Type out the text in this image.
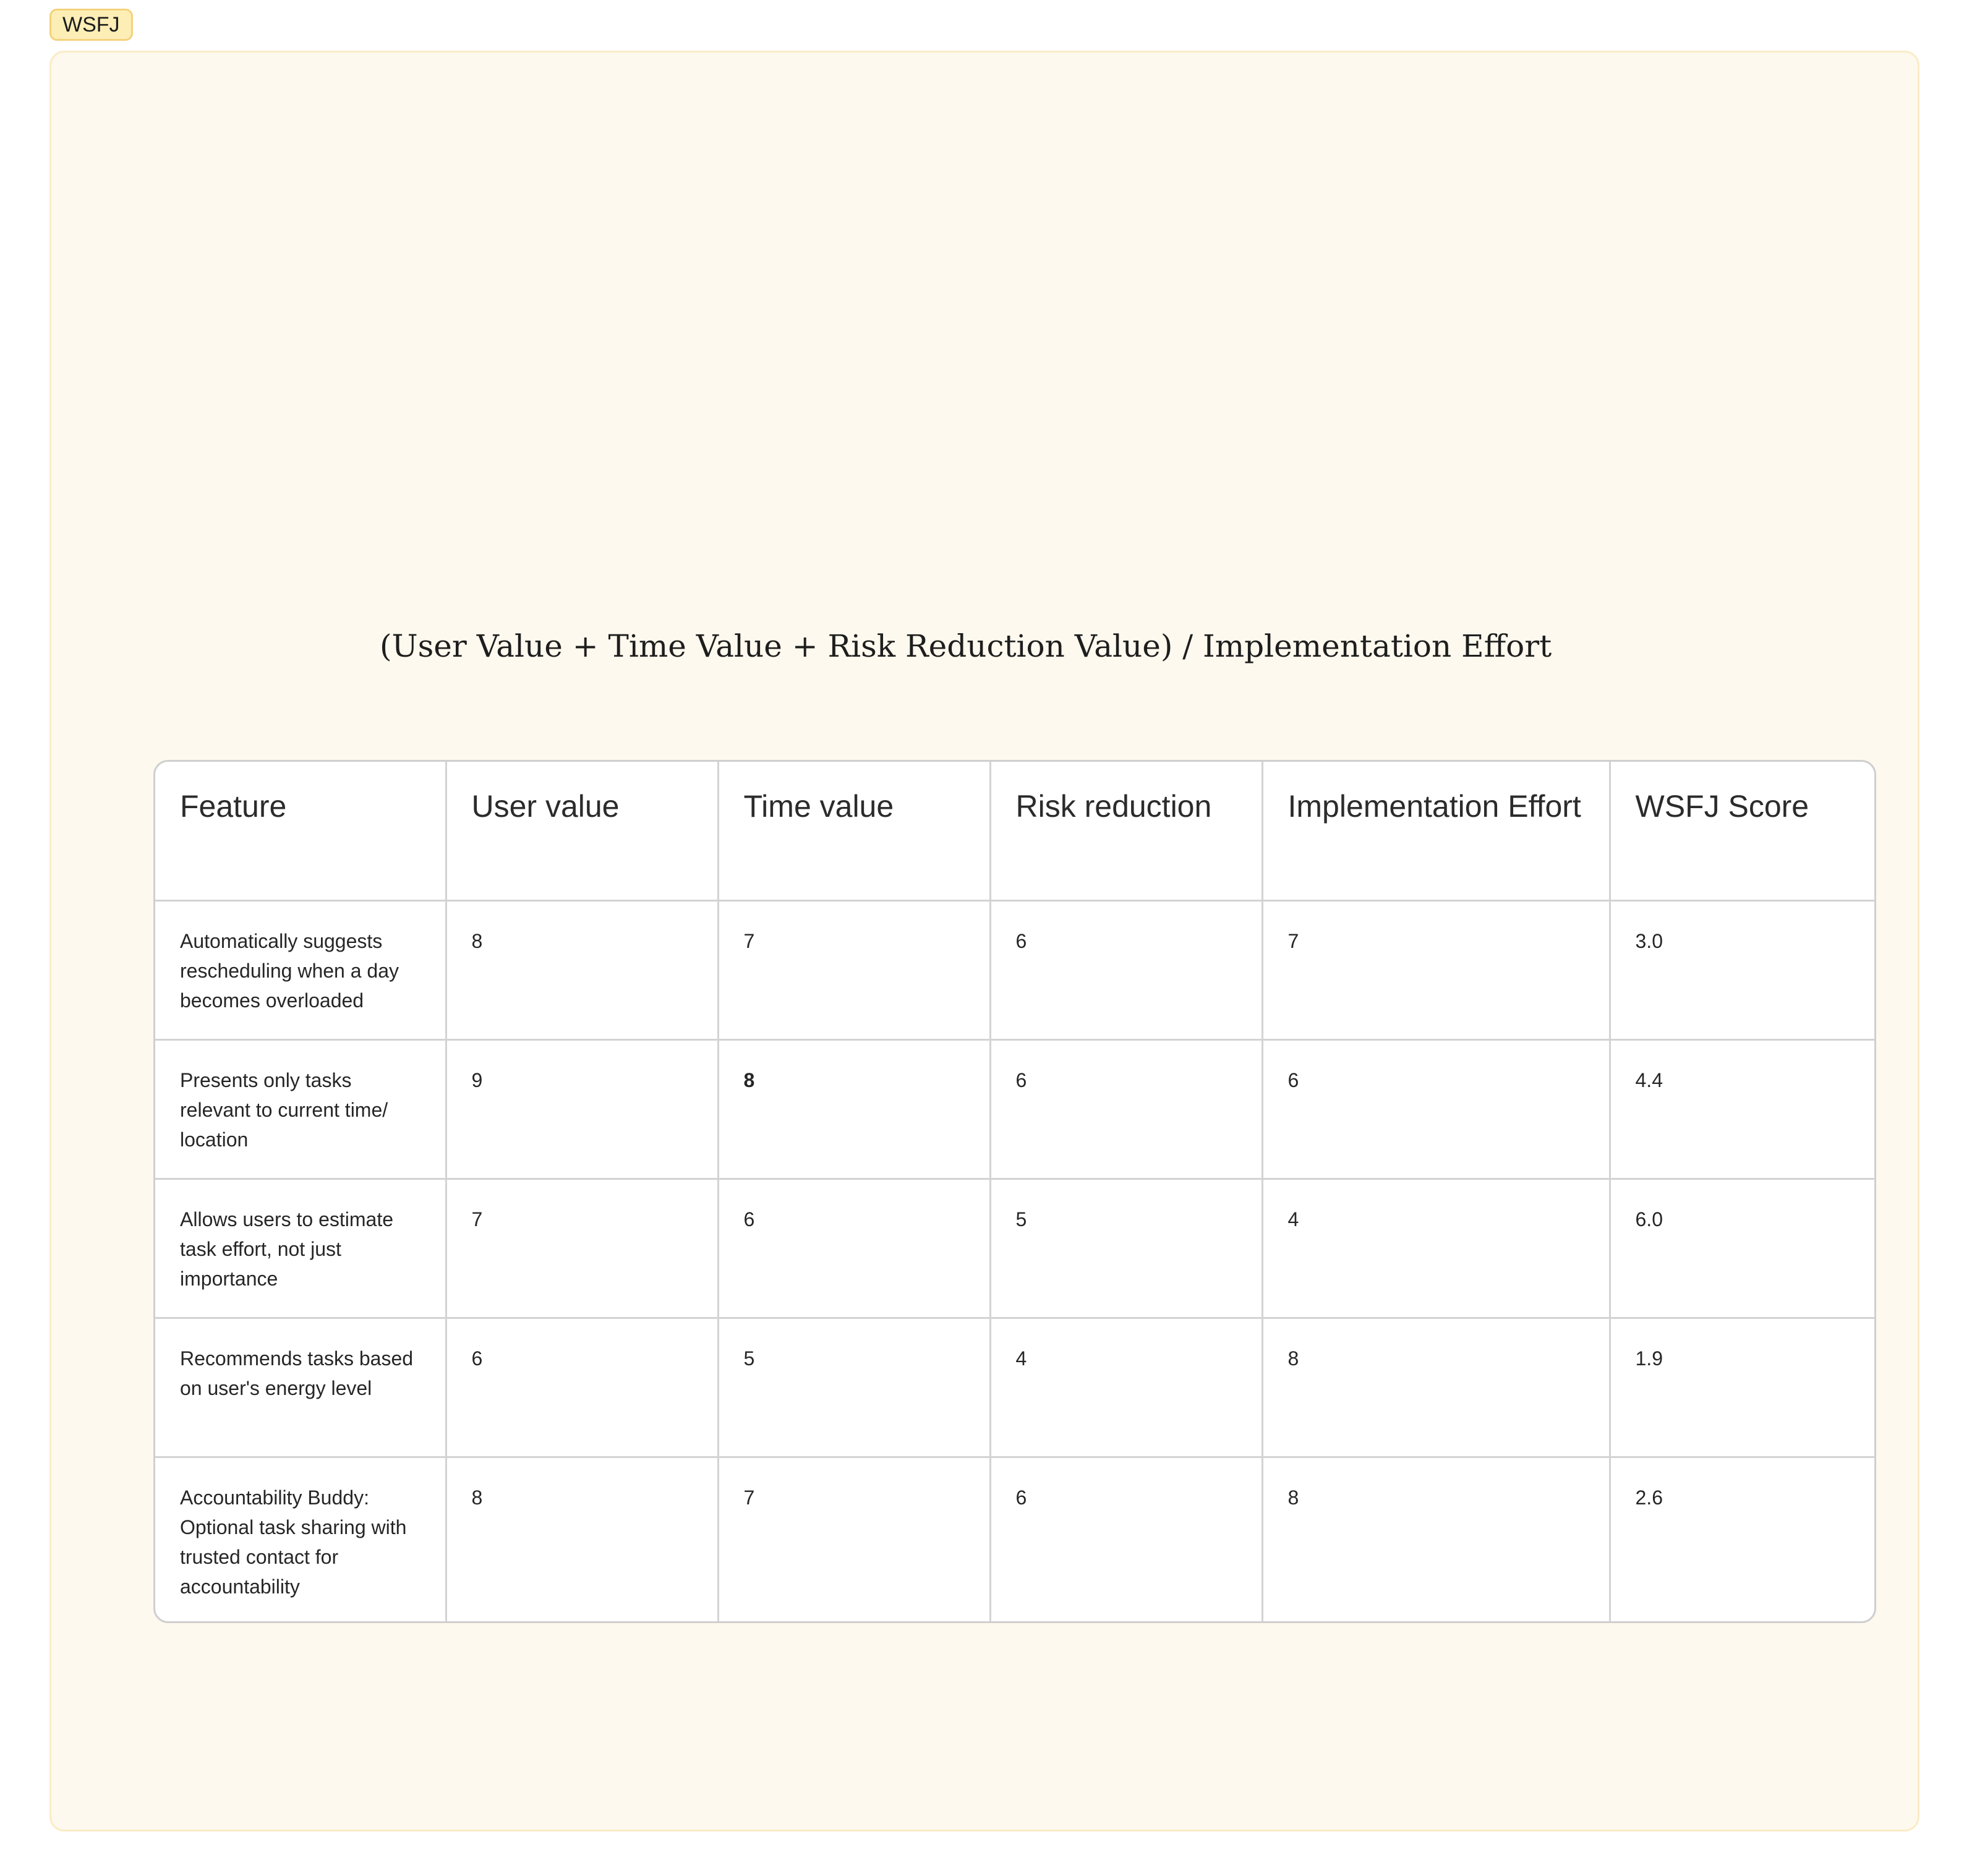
WSFJ
(User Value + Time Value + Risk Reduction Value) / Implementation Effort
Feature	User value	Time value	Risk reduction	Implementation Effort	WSFJ Score
Automatically suggests rescheduling when a day becomes overloaded	8	7	6	7	3.0
Presents only tasks relevant to current time/ location	9	8	6	6	4.4
Allows users to estimate task effort, not just importance	7	6	5	4	6.0
Recommends tasks based on user's energy level	6	5	4	8	1.9
Accountability Buddy: Optional task sharing with trusted contact for accountability	8	7	6	8	2.6
